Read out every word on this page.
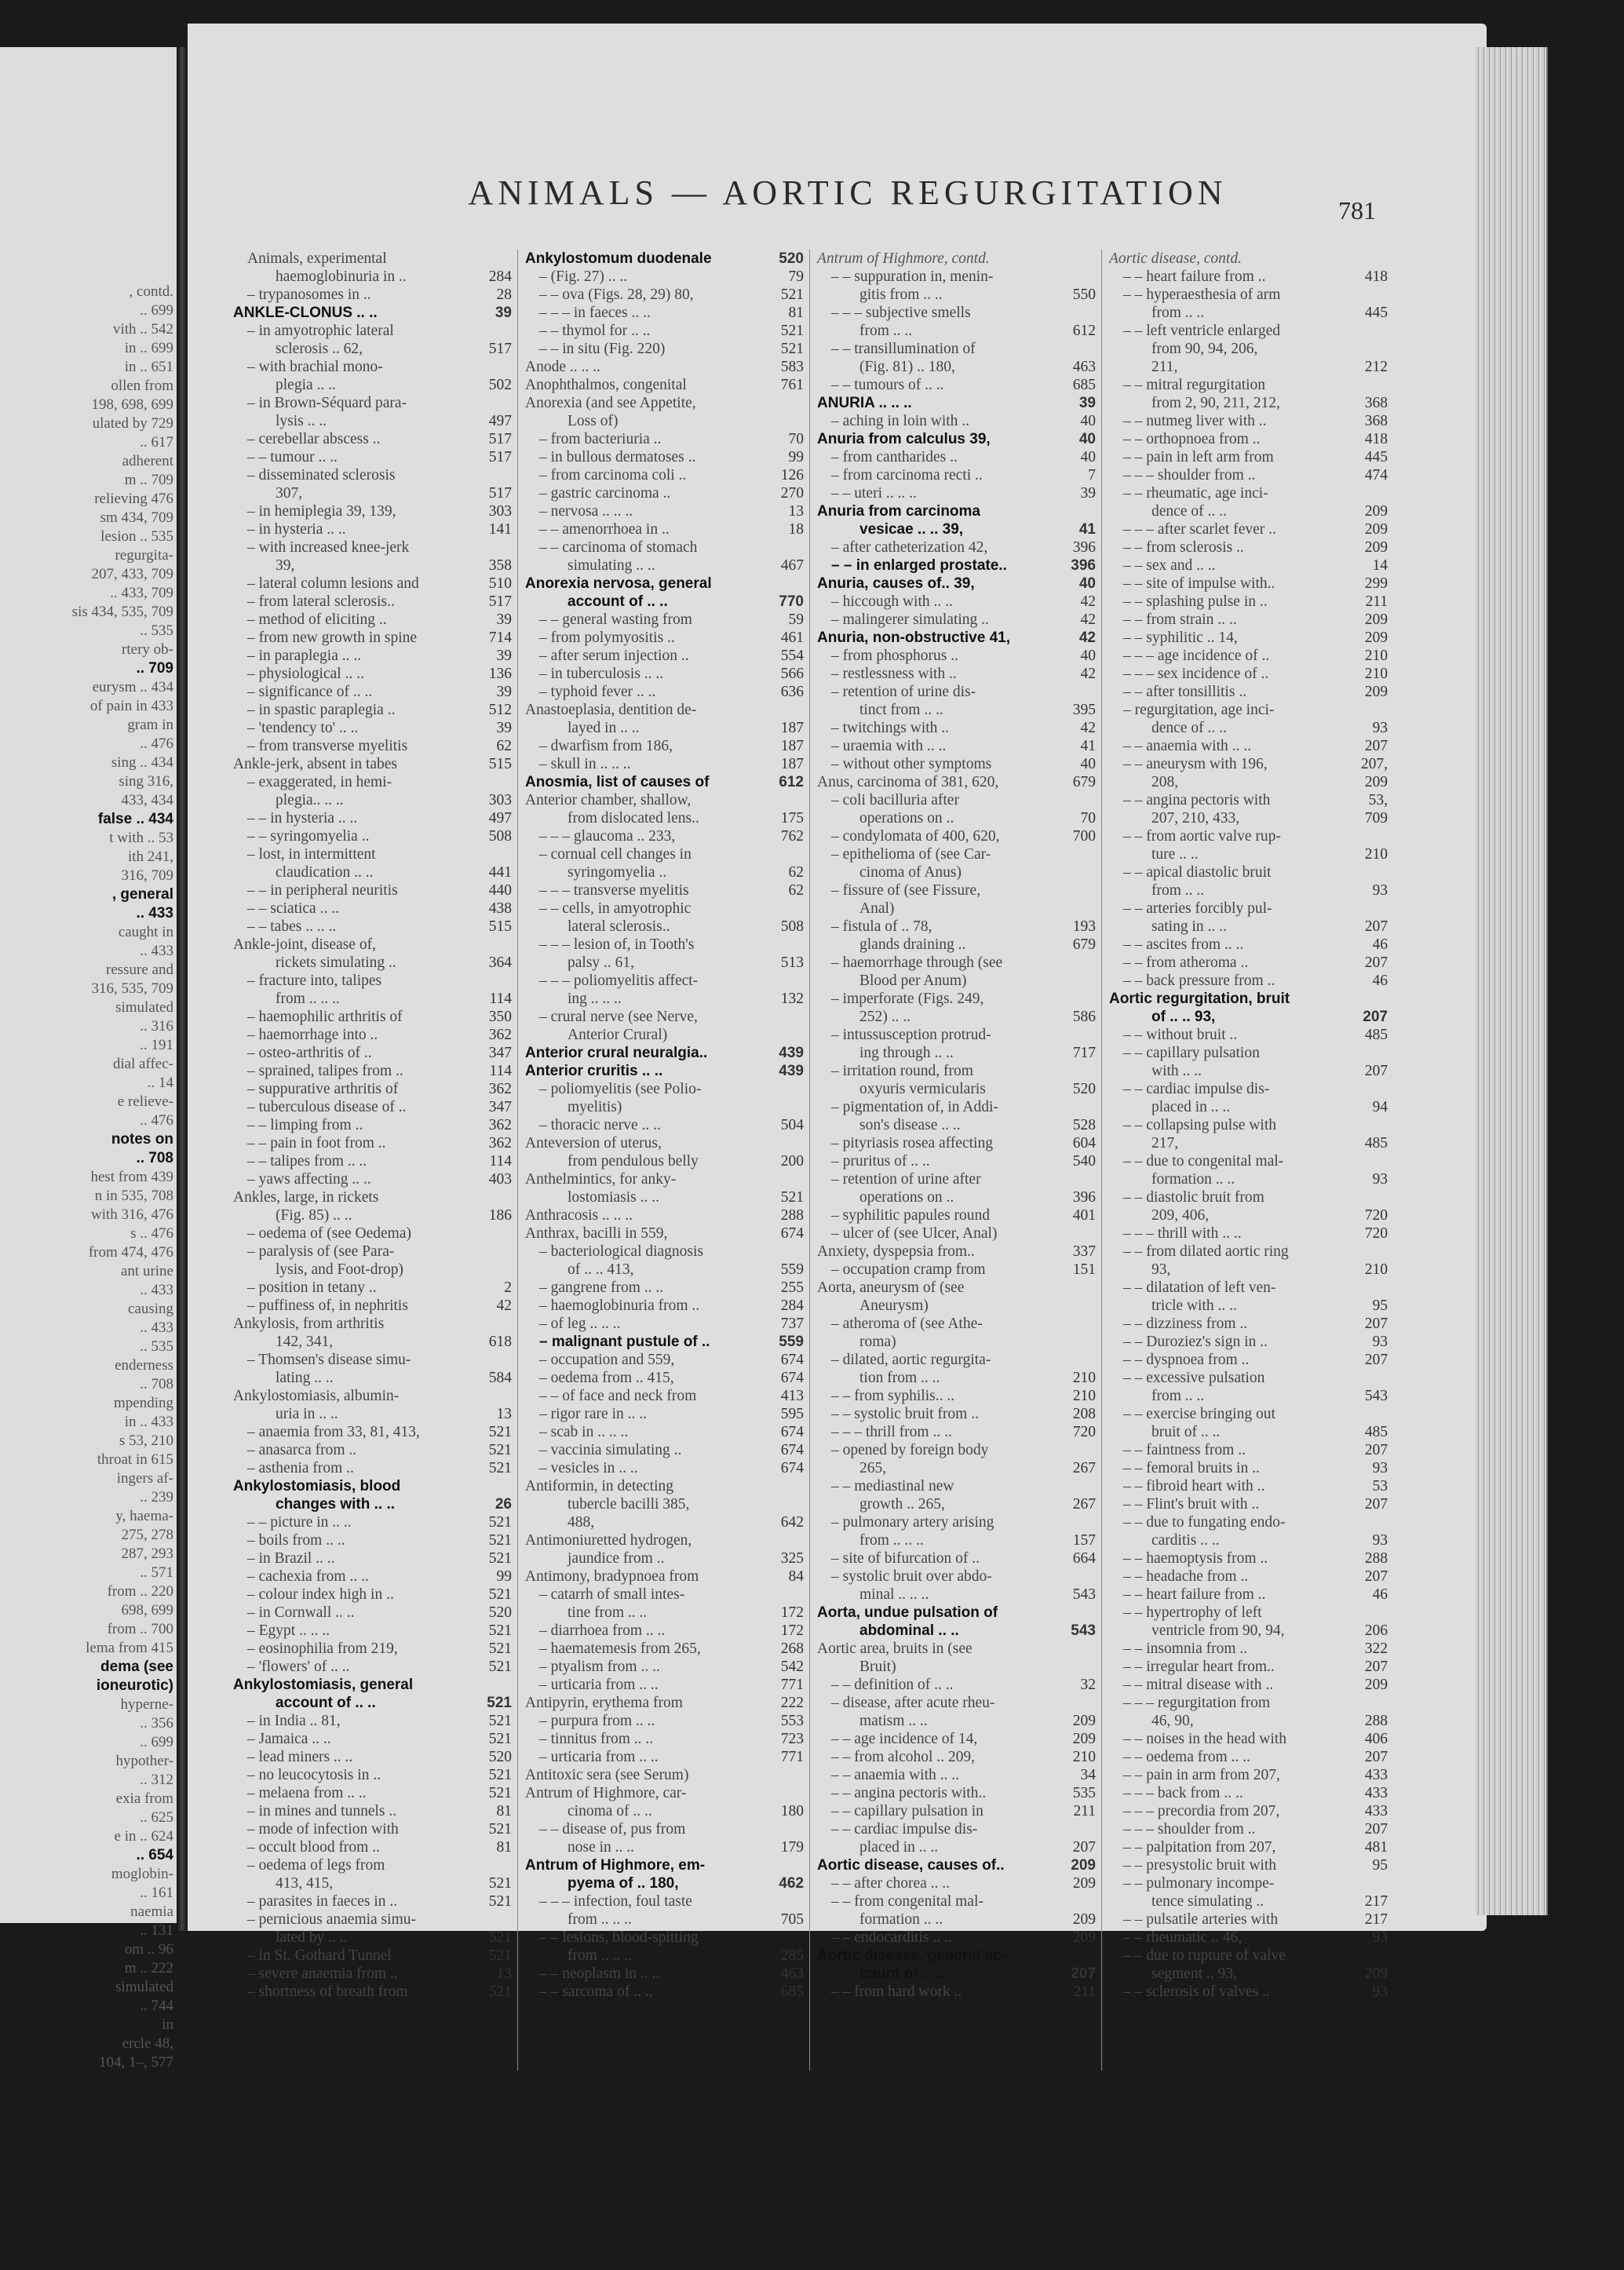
, contd.
.. 699
vith .. 542
in .. 699
in .. 651
ollen from
198, 698, 699
ulated by 729
.. 617
adherent
m .. 709
relieving 476
sm 434, 709
lesion .. 535
regurgita-
207, 433, 709
.. 433, 709
sis 434, 535, 709
.. 535
rtery ob-
.. 709
eurysm .. 434
of pain in 433
gram in
.. 476
sing .. 434
sing 316,
433, 434
false .. 434
t with .. 53
ith 241,
316, 709
, general
.. 433
caught in
.. 433
ressure and
316, 535, 709
simulated
.. 316
.. 191
dial affec-
.. 14
e relieve-
.. 476
notes on
.. 708
hest from 439
n in 535, 708
with 316, 476
s .. 476
from 474, 476
ant urine
.. 433
causing
.. 433
.. 535
enderness
.. 708
mpending
in .. 433
s 53, 210
throat in 615
ingers af-
.. 239
y, haema-
275, 278
287, 293
.. 571
from .. 220
698, 699
from .. 700
lema from 415
dema (see
ioneurotic)
hyperne-
.. 356
.. 699
hypother-
.. 312
exia from
.. 625
e in .. 624
.. 654
moglobin-
.. 161
naemia
.. 131
om .. 96
m .. 222
simulated
.. 744
in
ercle 48,
104, 1–, 577
ANIMALS — AORTIC REGURGITATION	781
Animals, experimental
haemoglobinuria in ..	284
– trypanosomes in ..	28
ANKLE-CLONUS .. ..	39
– in amyotrophic lateral
sclerosis .. 62,	517
– with brachial mono-
plegia .. ..	502
– in Brown-Séquard para-
lysis .. ..	497
– cerebellar abscess ..	517
– – tumour .. ..	517
– disseminated sclerosis
307,	517
– in hemiplegia 39, 139,	303
– in hysteria .. ..	141
– with increased knee-jerk
39,	358
– lateral column lesions and	510
– from lateral sclerosis..	517
– method of eliciting ..	39
– from new growth in spine	714
– in paraplegia .. ..	39
– physiological .. ..	136
– significance of .. ..	39
– in spastic paraplegia ..	512
– 'tendency to' .. ..	39
– from transverse myelitis	62
Ankle-jerk, absent in tabes	515
– exaggerated, in hemi-
plegia.. .. ..	303
– – in hysteria .. ..	497
– – syringomyelia ..	508
– lost, in intermittent
claudication .. ..	441
– – in peripheral neuritis	440
– – sciatica .. ..	438
– – tabes .. .. ..	515
Ankle-joint, disease of,
rickets simulating ..	364
– fracture into, talipes
from .. .. ..	114
– haemophilic arthritis of	350
– haemorrhage into ..	362
– osteo-arthritis of ..	347
– sprained, talipes from ..	114
– suppurative arthritis of	362
– tuberculous disease of ..	347
– – limping from ..	362
– – pain in foot from ..	362
– – talipes from .. ..	114
– yaws affecting .. ..	403
Ankles, large, in rickets
(Fig. 85) .. ..	186
– oedema of (see Oedema)
– paralysis of (see Para-
lysis, and Foot-drop)
– position in tetany ..	2
– puffiness of, in nephritis	42
Ankylosis, from arthritis
142, 341,	618
– Thomsen's disease simu-
lating .. ..	584
Ankylostomiasis, albumin-
uria in .. ..	13
– anaemia from 33, 81, 413,	521
– anasarca from ..	521
– asthenia from ..	521
Ankylostomiasis, blood
changes with .. ..	26
– – picture in .. ..	521
– boils from .. ..	521
– in Brazil .. ..	521
– cachexia from .. ..	99
– colour index high in ..	521
– in Cornwall .. ..	520
– Egypt .. .. ..	521
– eosinophilia from 219,	521
– 'flowers' of .. ..	521
Ankylostomiasis, general
account of .. ..	521
– in India .. 81,	521
– Jamaica .. ..	521
– lead miners .. ..	520
– no leucocytosis in ..	521
– melaena from .. ..	521
– in mines and tunnels ..	81
– mode of infection with	521
– occult blood from ..	81
– oedema of legs from
413, 415,	521
– parasites in faeces in ..	521
– pernicious anaemia simu-
lated by .. ..	521
– in St. Gothard Tunnel	521
– severe anaemia from ..	13
– shortness of breath from	521
Ankylostomum duodenale	520
– (Fig. 27) .. ..	79
– – ova (Figs. 28, 29) 80,	521
– – – in faeces .. ..	81
– – thymol for .. ..	521
– – in situ (Fig. 220)	521
Anode .. .. ..	583
Anophthalmos, congenital	761
Anorexia (and see Appetite,
Loss of)
– from bacteriuria ..	70
– in bullous dermatoses ..	99
– from carcinoma coli ..	126
– gastric carcinoma ..	270
– nervosa .. .. ..	13
– – amenorrhoea in ..	18
– – carcinoma of stomach
simulating .. ..	467
Anorexia nervosa, general
account of .. ..	770
– – general wasting from	59
– from polymyositis ..	461
– after serum injection ..	554
– in tuberculosis .. ..	566
– typhoid fever .. ..	636
Anastoeplasia, dentition de-
layed in .. ..	187
– dwarfism from 186,	187
– skull in .. .. ..	187
Anosmia, list of causes of	612
Anterior chamber, shallow,
from dislocated lens..	175
– – – glaucoma .. 233,	762
– cornual cell changes in
syringomyelia ..	62
– – – transverse myelitis	62
– – cells, in amyotrophic
lateral sclerosis..	508
– – – lesion of, in Tooth's
palsy .. 61,	513
– – – poliomyelitis affect-
ing .. .. ..	132
– crural nerve (see Nerve,
Anterior Crural)
Anterior crural neuralgia..	439
Anterior cruritis .. ..	439
– poliomyelitis (see Polio-
myelitis)
– thoracic nerve .. ..	504
Anteversion of uterus,
from pendulous belly	200
Anthelmintics, for anky-
lostomiasis .. ..	521
Anthracosis .. .. ..	288
Anthrax, bacilli in 559,	674
– bacteriological diagnosis
of .. .. 413,	559
– gangrene from .. ..	255
– haemoglobinuria from ..	284
– of leg .. .. ..	737
– malignant pustule of ..	559
– occupation and 559,	674
– oedema from .. 415,	674
– – of face and neck from	413
– rigor rare in .. ..	595
– scab in .. .. ..	674
– vaccinia simulating ..	674
– vesicles in .. ..	674
Antiformin, in detecting
tubercle bacilli 385,
488,	642
Antimoniuretted hydrogen,
jaundice from ..	325
Antimony, bradypnoea from	84
– catarrh of small intes-
tine from .. ..	172
– diarrhoea from .. ..	172
– haematemesis from 265,	268
– ptyalism from .. ..	542
– urticaria from .. ..	771
Antipyrin, erythema from	222
– purpura from .. ..	553
– tinnitus from .. ..	723
– urticaria from .. ..	771
Antitoxic sera (see Serum)
Antrum of Highmore, car-
cinoma of .. ..	180
– – disease of, pus from
nose in .. ..	179
Antrum of Highmore, em-
pyema of .. 180,	462
– – – infection, foul taste
from .. .. ..	705
– – lesions, blood-spitting
from .. .. ..	285
– – neoplasm in .. ..	463
– – sarcoma of .. ..	685
Antrum of Highmore, contd.
– – suppuration in, menin-
gitis from .. ..	550
– – – subjective smells
from .. ..	612
– – transillumination of
(Fig. 81) .. 180,	463
– – tumours of .. ..	685
ANURIA .. .. ..	39
– aching in loin with ..	40
Anuria from calculus 39,	40
– from cantharides ..	40
– from carcinoma recti ..	7
– – uteri .. .. ..	39
Anuria from carcinoma
vesicae .. .. 39,	41
– after catheterization 42,	396
– – in enlarged prostate..	396
Anuria, causes of.. 39,	40
– hiccough with .. ..	42
– malingerer simulating ..	42
Anuria, non-obstructive 41,	42
– from phosphorus ..	40
– restlessness with ..	42
– retention of urine dis-
tinct from .. ..	395
– twitchings with ..	42
– uraemia with .. ..	41
– without other symptoms	40
Anus, carcinoma of 381, 620,	679
– coli bacilluria after
operations on ..	70
– condylomata of 400, 620,	700
– epithelioma of (see Car-
cinoma of Anus)
– fissure of (see Fissure,
Anal)
– fistula of .. 78,	193
glands draining ..	679
– haemorrhage through (see
Blood per Anum)
– imperforate (Figs. 249,
252) .. ..	586
– intussusception protrud-
ing through .. ..	717
– irritation round, from
oxyuris vermicularis	520
– pigmentation of, in Addi-
son's disease .. ..	528
– pityriasis rosea affecting	604
– pruritus of .. ..	540
– retention of urine after
operations on ..	396
– syphilitic papules round	401
– ulcer of (see Ulcer, Anal)
Anxiety, dyspepsia from..	337
– occupation cramp from	151
Aorta, aneurysm of (see
Aneurysm)
– atheroma of (see Athe-
roma)
– dilated, aortic regurgita-
tion from .. ..	210
– – from syphilis.. ..	210
– – systolic bruit from ..	208
– – – thrill from .. ..	720
– opened by foreign body
265,	267
– – mediastinal new
growth .. 265,	267
– pulmonary artery arising
from .. .. ..	157
– site of bifurcation of ..	664
– systolic bruit over abdo-
minal .. .. ..	543
Aorta, undue pulsation of
abdominal .. ..	543
Aortic area, bruits in (see
Bruit)
– – definition of .. ..	32
– disease, after acute rheu-
matism .. ..	209
– – age incidence of 14,	209
– – from alcohol .. 209,	210
– – anaemia with .. ..	34
– – angina pectoris with..	535
– – capillary pulsation in	211
– – cardiac impulse dis-
placed in .. ..	207
Aortic disease, causes of..	209
– – after chorea .. ..	209
– – from congenital mal-
formation .. ..	209
– – endocarditis .. ..	209
Aortic disease, general ac-
count of .. ..	207
– – from hard work ..	211
Aortic disease, contd.
– – heart failure from ..	418
– – hyperaesthesia of arm
from .. ..	445
– – left ventricle enlarged
from 90, 94, 206,
211,	212
– – mitral regurgitation
from 2, 90, 211, 212,	368
– – nutmeg liver with ..	368
– – orthopnoea from ..	418
– – pain in left arm from	445
– – – shoulder from ..	474
– – rheumatic, age inci-
dence of .. ..	209
– – – after scarlet fever ..	209
– – from sclerosis ..	209
– – sex and .. ..	14
– – site of impulse with..	299
– – splashing pulse in ..	211
– – from strain .. ..	209
– – syphilitic .. 14,	209
– – – age incidence of ..	210
– – – sex incidence of ..	210
– – after tonsillitis ..	209
– regurgitation, age inci-
dence of .. ..	93
– – anaemia with .. ..	207
– – aneurysm with 196,	207,
208,	209
– – angina pectoris with	53,
207, 210, 433,	709
– – from aortic valve rup-
ture .. ..	210
– – apical diastolic bruit
from .. ..	93
– – arteries forcibly pul-
sating in .. ..	207
– – ascites from .. ..	46
– – from atheroma ..	207
– – back pressure from ..	46
Aortic regurgitation, bruit
of .. .. 93,	207
– – without bruit ..	485
– – capillary pulsation
with .. ..	207
– – cardiac impulse dis-
placed in .. ..	94
– – collapsing pulse with
217,	485
– – due to congenital mal-
formation .. ..	93
– – diastolic bruit from
209, 406,	720
– – – thrill with .. ..	720
– – from dilated aortic ring
93,	210
– – dilatation of left ven-
tricle with .. ..	95
– – dizziness from ..	207
– – Duroziez's sign in ..	93
– – dyspnoea from ..	207
– – excessive pulsation
from .. ..	543
– – exercise bringing out
bruit of .. ..	485
– – faintness from ..	207
– – femoral bruits in ..	93
– – fibroid heart with ..	53
– – Flint's bruit with ..	207
– – due to fungating endo-
carditis .. ..	93
– – haemoptysis from ..	288
– – headache from ..	207
– – heart failure from ..	46
– – hypertrophy of left
ventricle from 90, 94,	206
– – insomnia from ..	322
– – irregular heart from..	207
– – mitral disease with ..	209
– – – regurgitation from
46, 90,	288
– – noises in the head with	406
– – oedema from .. ..	207
– – pain in arm from 207,	433
– – – back from .. ..	433
– – – precordia from 207,	433
– – – shoulder from ..	207
– – palpitation from 207,	481
– – presystolic bruit with	95
– – pulmonary incompe-
tence simulating ..	217
– – pulsatile arteries with	217
– – rheumatic .. 46,	93
– – due to rupture of valve
segment .. 93,	209
– – sclerosis of valves ..	93
